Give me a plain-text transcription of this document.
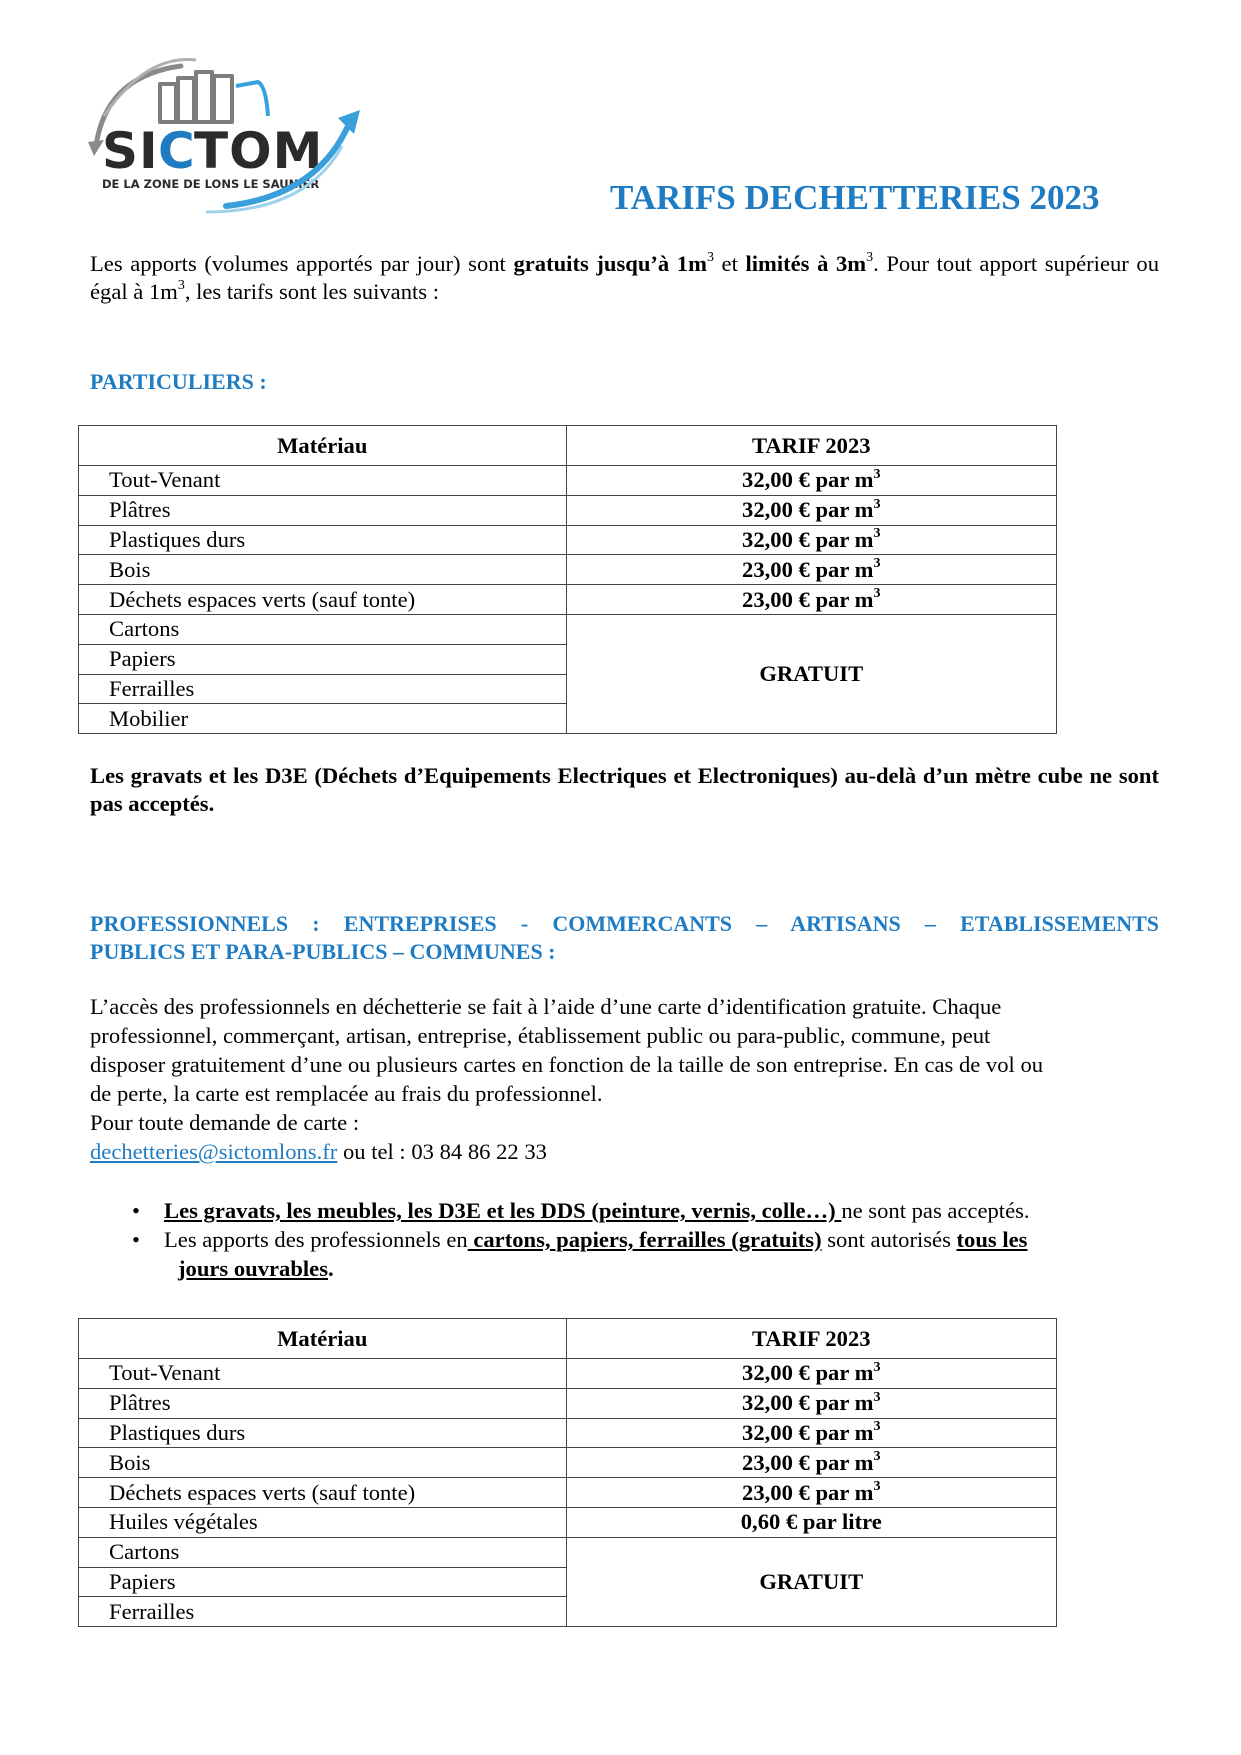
SI C TOM
DE LA ZONE DE LONS LE SAUNIER	TARIFS DECHETTERIES 2023
Les apports (volumes apportés par jour) sont gratuits jusqu’à $1m^3$ et limités à $3m^3$. Pour tout apport supérieur ou égal à $1m^3$, les tarifs sont les suivants :
PARTICULIERS :
Matériau	TARIF 2023
Tout-Venant	32,00 € par $m^3$
Plâtres	32,00 € par $m^3$
Plastiques durs	32,00 € par $m^3$
Bois	23,00 € par $m^3$
Déchets espaces verts (sauf tonte)	23,00 € par $m^3$
Cartons	GRATUIT
Papiers	
Ferrailles	
Mobilier	
Les gravats et les D3E (Déchets d’Equipements Electriques et Electroniques) au-delà d’un mètre cube ne sont pas acceptés.
PROFESSIONNELS : ENTREPRISES - COMMERCANTS – ARTISANS – ETABLISSEMENTS
PUBLICS ET PARA-PUBLICS – COMMUNES :
L’accès des professionnels en déchetterie se fait à l’aide d’une carte d’identification gratuite. Chaque
professionnel, commerçant, artisan, entreprise, établissement public ou para-public, commune, peut
disposer gratuitement d’une ou plusieurs cartes en fonction de la taille de son entreprise. En cas de vol ou
de perte, la carte est remplacée au frais du professionnel.
Pour toute demande de carte :
dechetteries@sictomlons.fr ou tel : 03 84 86 22 33
• Les gravats, les meubles, les D3E et les DDS (peinture, vernis, colle…) ne sont pas acceptés.
• Les apports des professionnels en cartons, papiers, ferrailles (gratuits) sont autorisés tous les
jours ouvrables.
Matériau	TARIF 2023
Tout-Venant	32,00 € par $m^3$
Plâtres	32,00 € par $m^3$
Plastiques durs	32,00 € par $m^3$
Bois	23,00 € par $m^3$
Déchets espaces verts (sauf tonte)	23,00 € par $m^3$
Huiles végétales	0,60 € par litre
Cartons	GRATUIT
Papiers	
Ferrailles	
